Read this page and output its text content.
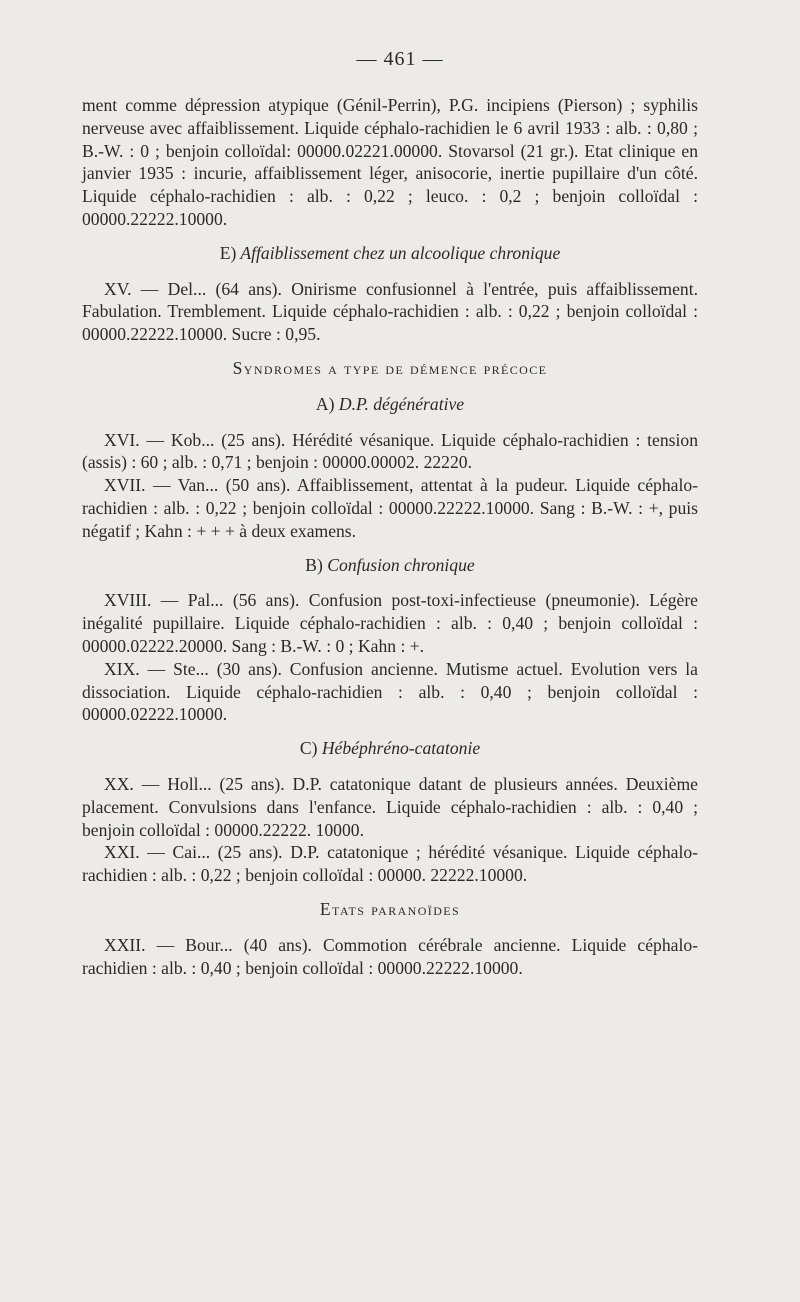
— 461 —

ment comme dépression atypique (Génil-Perrin), P.G. incipiens (Pierson) ; syphilis nerveuse avec affaiblissement. Liquide céphalo-rachidien le 6 avril 1933 : alb. : 0,80 ; B.-W. : 0 ; benjoin colloïdal: 00000.02221.00000. Stovarsol (21 gr.). Etat clinique en janvier 1935 : incurie, affaiblissement léger, anisocorie, inertie pupillaire d'un côté. Liquide céphalo-rachidien : alb. : 0,22 ; leuco. : 0,2 ; benjoin colloïdal : 00000.22222.10000.

E) Affaiblissement chez un alcoolique chronique

XV. — Del... (64 ans). Onirisme confusionnel à l'entrée, puis affaiblissement. Fabulation. Tremblement. Liquide céphalo-rachidien : alb. : 0,22 ; benjoin colloïdal : 00000.22222.10000. Sucre : 0,95.

Syndromes a type de démence précoce
A) D.P. dégénérative

XVI. — Kob... (25 ans). Hérédité vésanique. Liquide céphalo-rachidien : tension (assis) : 60 ; alb. : 0,71 ; benjoin : 00000.00002. 22220.

XVII. — Van... (50 ans). Affaiblissement, attentat à la pudeur. Liquide céphalo-rachidien : alb. : 0,22 ; benjoin colloïdal : 00000.22222.10000. Sang : B.-W. : +, puis négatif ; Kahn : + + + à deux examens.

B) Confusion chronique

XVIII. — Pal... (56 ans). Confusion post-toxi-infectieuse (pneumonie). Légère inégalité pupillaire. Liquide céphalo-rachidien : alb. : 0,40 ; benjoin colloïdal : 00000.02222.20000. Sang : B.-W. : 0 ; Kahn : +.

XIX. — Ste... (30 ans). Confusion ancienne. Mutisme actuel. Evolution vers la dissociation. Liquide céphalo-rachidien : alb. : 0,40 ; benjoin colloïdal : 00000.02222.10000.

C) Hébéphréno-catatonie

XX. — Holl... (25 ans). D.P. catatonique datant de plusieurs années. Deuxième placement. Convulsions dans l'enfance. Liquide céphalo-rachidien : alb. : 0,40 ; benjoin colloïdal : 00000.22222. 10000.

XXI. — Cai... (25 ans). D.P. catatonique ; hérédité vésanique. Liquide céphalo-rachidien : alb. : 0,22 ; benjoin colloïdal : 00000. 22222.10000.

Etats paranoïdes

XXII. — Bour... (40 ans). Commotion cérébrale ancienne. Liquide céphalo-rachidien : alb. : 0,40 ; benjoin colloïdal : 00000.22222.10000.
